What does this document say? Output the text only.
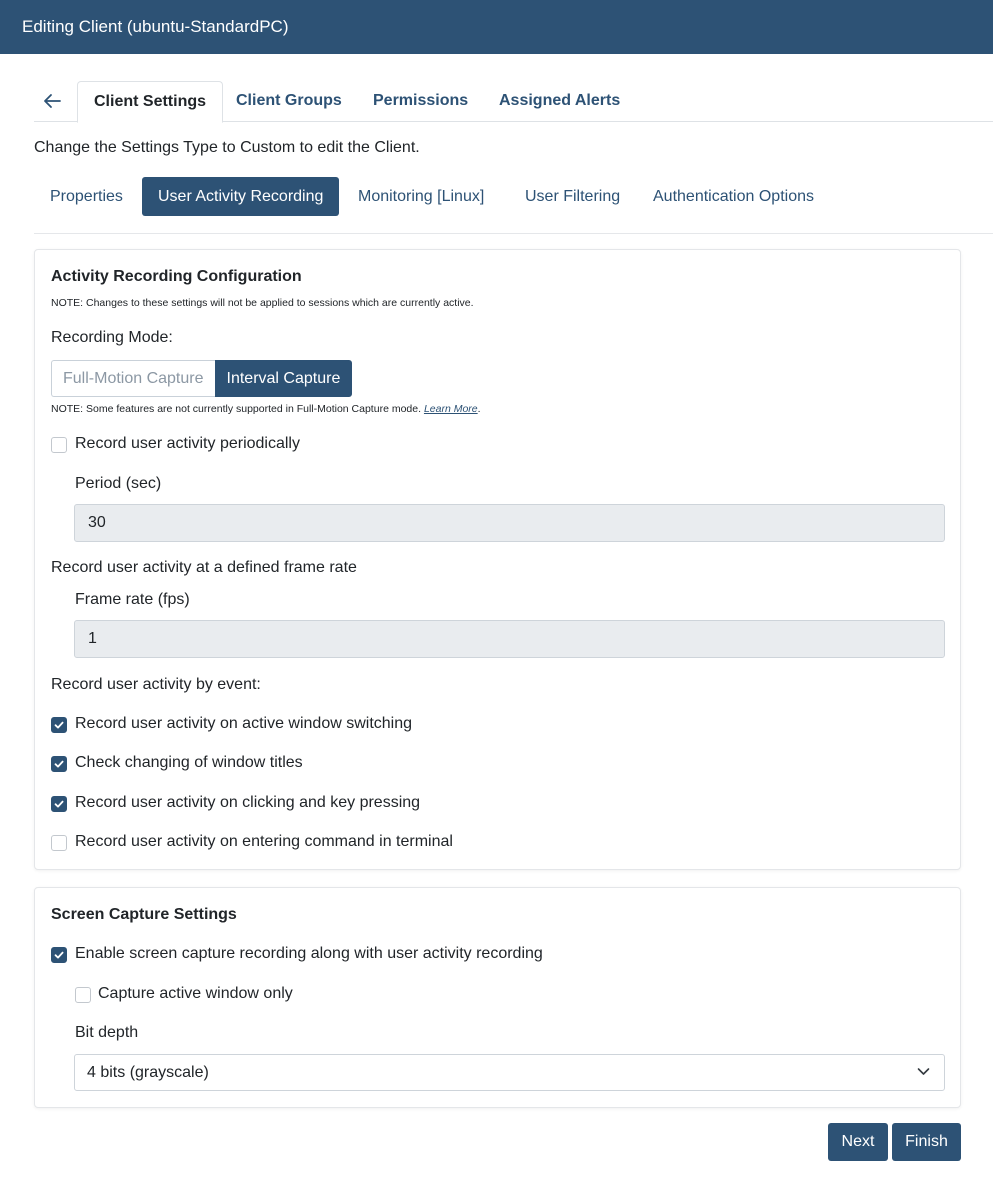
Editing Client (ubuntu-StandardPC)
Client Settings	Client Groups Permissions Assigned Alerts
Change the Settings Type to Custom to edit the Client.
Properties	User Activity Recording	Monitoring [Linux]	User Filtering	Authentication Options
Activity Recording Configuration
NOTE: Changes to these settings will not be applied to sessions which are currently active.
Recording Mode:
Full-Motion Capture	Interval Capture
NOTE: Some features are not currently supported in Full-Motion Capture mode. Learn More.
Record user activity periodically
Period (sec)
30
Record user activity at a defined frame rate
Frame rate (fps)
1
Record user activity by event:
Record user activity on active window switching
Check changing of window titles
Record user activity on clicking and key pressing
Record user activity on entering command in terminal
Screen Capture Settings
Enable screen capture recording along with user activity recording
Capture active window only
Bit depth
4 bits (grayscale)
Next	Finish
